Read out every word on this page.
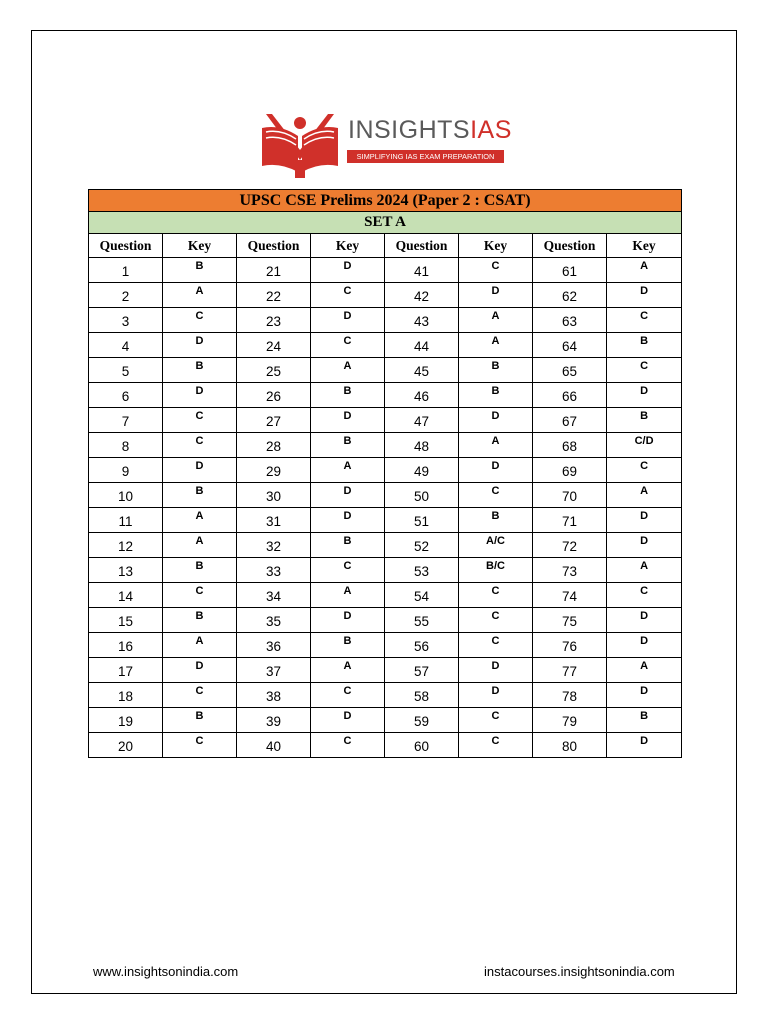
INSIGHTSIAS
SIMPLIFYING IAS EXAM PREPARATION
UPSC CSE Prelims 2024 (Paper 2 : CSAT)							
SET A							
Question	Key	Question	Key	Question	Key	Question	Key
1	B	21	D	41	C	61	A
2	A	22	C	42	D	62	D
3	C	23	D	43	A	63	C
4	D	24	C	44	A	64	B
5	B	25	A	45	B	65	C
6	D	26	B	46	B	66	D
7	C	27	D	47	D	67	B
8	C	28	B	48	A	68	C/D
9	D	29	A	49	D	69	C
10	B	30	D	50	C	70	A
11	A	31	D	51	B	71	D
12	A	32	B	52	A/C	72	D
13	B	33	C	53	B/C	73	A
14	C	34	A	54	C	74	C
15	B	35	D	55	C	75	D
16	A	36	B	56	C	76	D
17	D	37	A	57	D	77	A
18	C	38	C	58	D	78	D
19	B	39	D	59	C	79	B
20	C	40	C	60	C	80	D
www.insightsonindia.com	instacourses.insightsonindia.com
